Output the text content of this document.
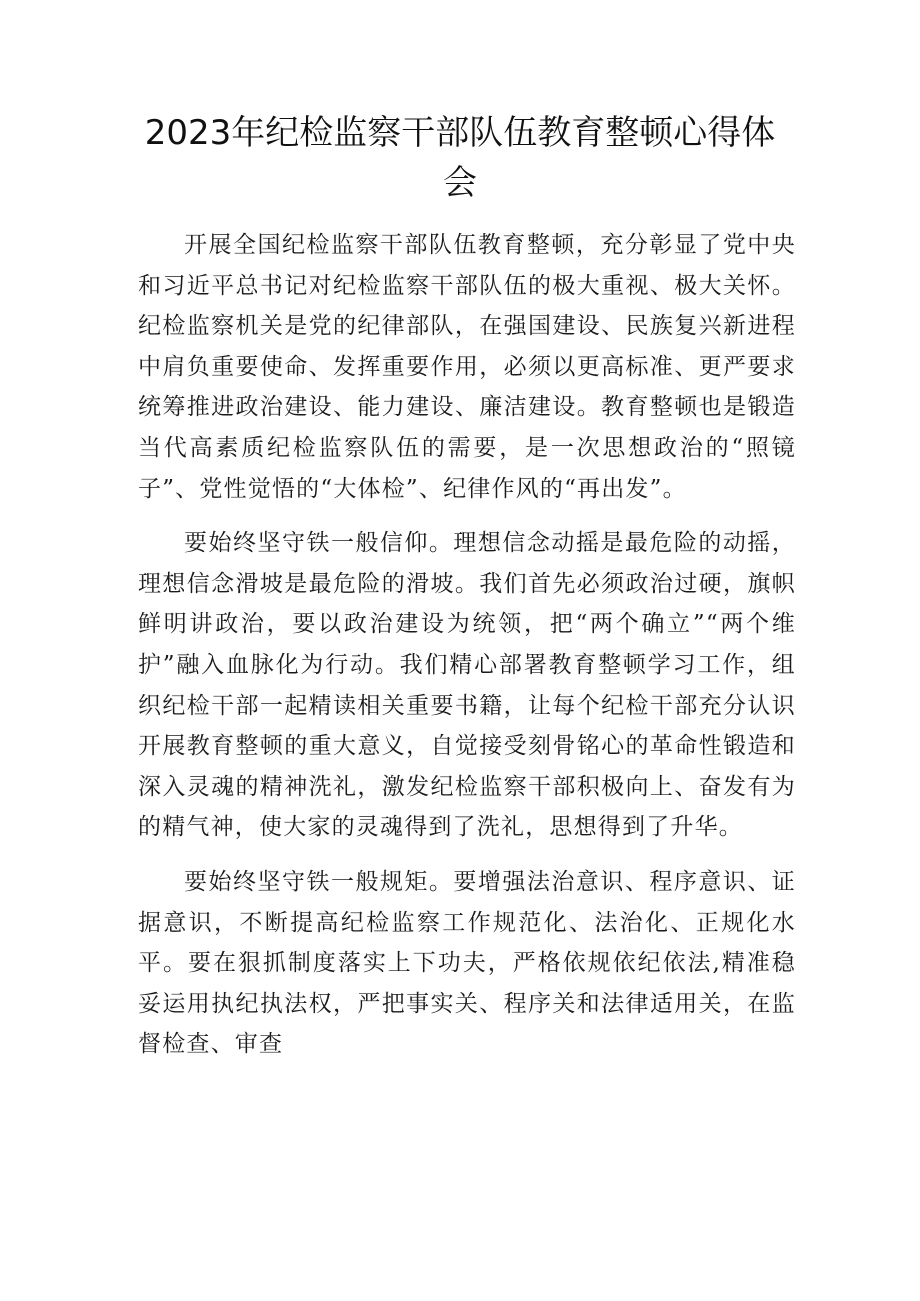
2023年纪检监察干部队伍教育整顿心得体会

开展全国纪检监察干部队伍教育整顿，充分彰显了党中央和习近平总书记对纪检监察干部队伍的极大重视、极大关怀。纪检监察机关是党的纪律部队，在强国建设、民族复兴新进程中肩负重要使命、发挥重要作用，必须以更高标准、更严要求统筹推进政治建设、能力建设、廉洁建设。教育整顿也是锻造当代高素质纪检监察队伍的需要，是一次思想政治的“照镜子”、党性觉悟的“大体检”、纪律作风的“再出发”。

要始终坚守铁一般信仰。理想信念动摇是最危险的动摇，理想信念滑坡是最危险的滑坡。我们首先必须政治过硬，旗帜鲜明讲政治，要以政治建设为统领，把“两个确立”“两个维护”融入血脉化为行动。我们精心部署教育整顿学习工作，组织纪检干部一起精读相关重要书籍，让每个纪检干部充分认识开展教育整顿的重大意义，自觉接受刻骨铭心的革命性锻造和深入灵魂的精神洗礼，激发纪检监察干部积极向上、奋发有为的精气神，使大家的灵魂得到了洗礼，思想得到了升华。

要始终坚守铁一般规矩。要增强法治意识、程序意识、证据意识，不断提高纪检监察工作规范化、法治化、正规化水平。要在狠抓制度落实上下功夫，严格依规依纪依法,精准稳妥运用执纪执法权，严把事实关、程序关和法律适用关，在监督检查、审查
